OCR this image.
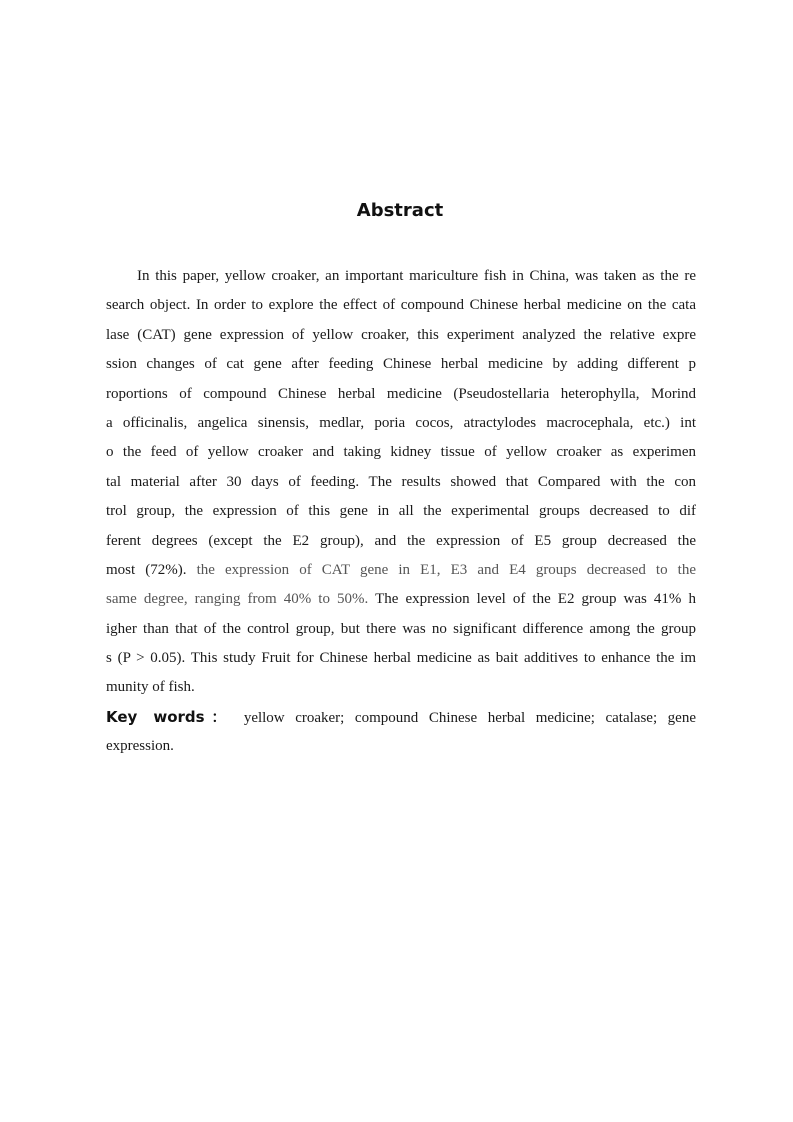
Abstract
In this paper, yellow croaker, an important mariculture fish in China, was taken as the re
search object. In order to explore the effect of compound Chinese herbal medicine on the cata
lase (CAT) gene expression of yellow croaker, this experiment analyzed the relative expre
ssion changes of cat gene after feeding Chinese herbal medicine by adding different p
roportions of compound Chinese herbal medicine (Pseudostellaria heterophylla, Morind
a officinalis, angelica sinensis, medlar, poria cocos, atractylodes macrocephala, etc.) int
o the feed of yellow croaker and taking kidney tissue of yellow croaker as experimen
tal material after 30 days of feeding. The results showed that Compared with the con
trol group, the expression of this gene in all the experimental groups decreased to dif
ferent degrees (except the E2 group), and the expression of E5 group decreased the
most (72%). the expression of CAT gene in E1, E3 and E4 groups decreased to the
same degree, ranging from 40% to 50%. The expression level of the E2 group was 41% h
igher than that of the control group, but there was no significant difference among the group
s (P > 0.05). This study Fruit for Chinese herbal medicine as bait additives to enhance the im
munity of fish.
Key words： yellow croaker; compound Chinese herbal medicine; catalase; gene
expression.
